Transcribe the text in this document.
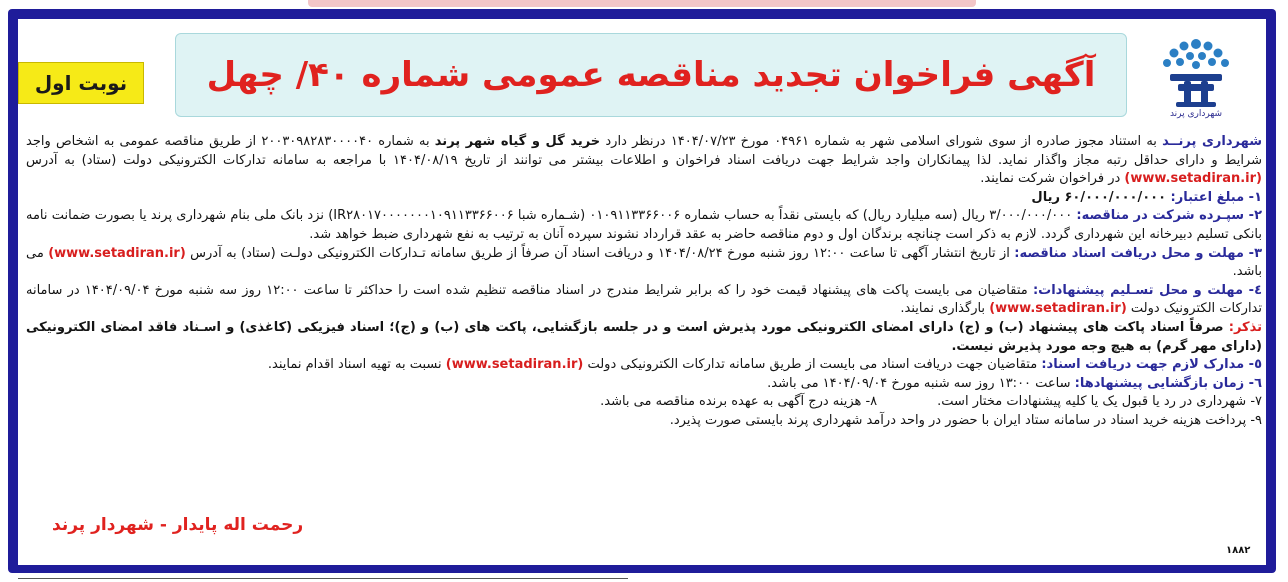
آگهی فراخوان تجدید مناقصه عمومی شماره ۴۰/ چهل
نوبت اول
شهرداری پرند

شهرداری پرنــد به استناد مجوز صادره از سوی شورای اسلامی شهر به شماره ۰۴۹۶۱ مورخ ۱۴۰۴/۰۷/۲۳ درنظر دارد خرید گل و گیاه شهر پرند به شماره ۲۰۰۳۰۹۸۲۸۳۰۰۰۰۴۰ از طریق مناقصه عمومی به اشخاص واجد شرایط و دارای حداقل رتبه مجاز واگذار نماید. لذا پیمانکاران واجد شرایط جهت دریافت اسناد فراخوان و اطلاعات بیشتر می توانند از تاریخ ۱۴۰۴/۰۸/۱۹ با مراجعه به سامانه تدارکات الکترونیکی دولت (ستاد) به آدرس (www.setadiran.ir) در فراخوان شرکت نمایند.

۱- مبلغ اعتبار: ۶۰/۰۰۰/۰۰۰/۰۰۰ ریال

۲- سپـرده شرکت در مناقصه: ۳/۰۰۰/۰۰۰/۰۰۰ ریال (سه میلیارد ریال) که بایستی نقداً به حساب شماره ۰۱۰۹۱۱۳۳۶۶۰۰۶ (شـماره شبا IR۲۸۰۱۷۰۰۰۰۰۰۰۱۰۹۱۱۳۳۶۶۰۰۶) نزد بانک ملی بنام شهرداری پرند یا بصورت ضمانت نامه بانکی تسلیم دبیرخانه این شهرداری گردد. لازم به ذکر است چنانچه برندگان اول و دوم مناقصه حاضر به عقد قرارداد نشوند سپرده آنان به ترتیب به نفع شهرداری ضبط خواهد شد.

۳- مهلت و محل دریافت اسناد مناقصه: از تاریخ انتشار آگهی تا ساعت ۱۲:۰۰ روز شنبه مورخ ۱۴۰۴/۰۸/۲۴ و دریافت اسناد آن صرفاً از طریق سامانه تـدارکات الکترونیکی دولـت (ستاد) به آدرس (www.setadiran.ir) می باشد.

٤- مهلت و محل تسـلیم پیشنهادات: متقاضیان می بایست پاکت های پیشنهاد قیمت خود را که برابر شرایط مندرج در اسناد مناقصه تنظیم شده است را حداکثر تا ساعت ۱۲:۰۰ روز سه شنبه مورخ ۱۴۰۴/۰۹/۰۴ در سامانه تدارکات الکترونیک دولت (www.setadiran.ir) بارگذاری نمایند.

تذکر: صرفاً اسناد پاکت های پیشنهاد (ب) و (ج) دارای امضای الکترونیکی مورد پذیرش است و در جلسه بازگشایی، پاکت های (ب) و (ج)؛ اسناد فیزیکی (کاغذی) و اسـناد فاقد امضای الکترونیکی (دارای مهر گرم) به هیچ وجه مورد پذیرش نیست.

٥- مدارک لازم جهت دریافت اسناد: متقاضیان جهت دریافت اسناد می بایست از طریق سامانه تدارکات الکترونیکی دولت (www.setadiran.ir) نسبت به تهیه اسناد اقدام نمایند.

٦- زمان بازگشایی پیشنهادها: ساعت ۱۳:۰۰ روز سه شنبه مورخ ۱۴۰۴/۰۹/۰۴ می باشد.

۷- شهرداری در رد یا قبول یک یا کلیه پیشنهادات مختار است.۸- هزینه درج آگهی به عهده برنده مناقصه می باشد.

۹- پرداخت هزینه خرید اسناد در سامانه ستاد ایران با حضور در واحد درآمد شهرداری پرند بایستی صورت پذیرد.

رحمت اله پایدار - شهردار پرند
۱۸۸۲
